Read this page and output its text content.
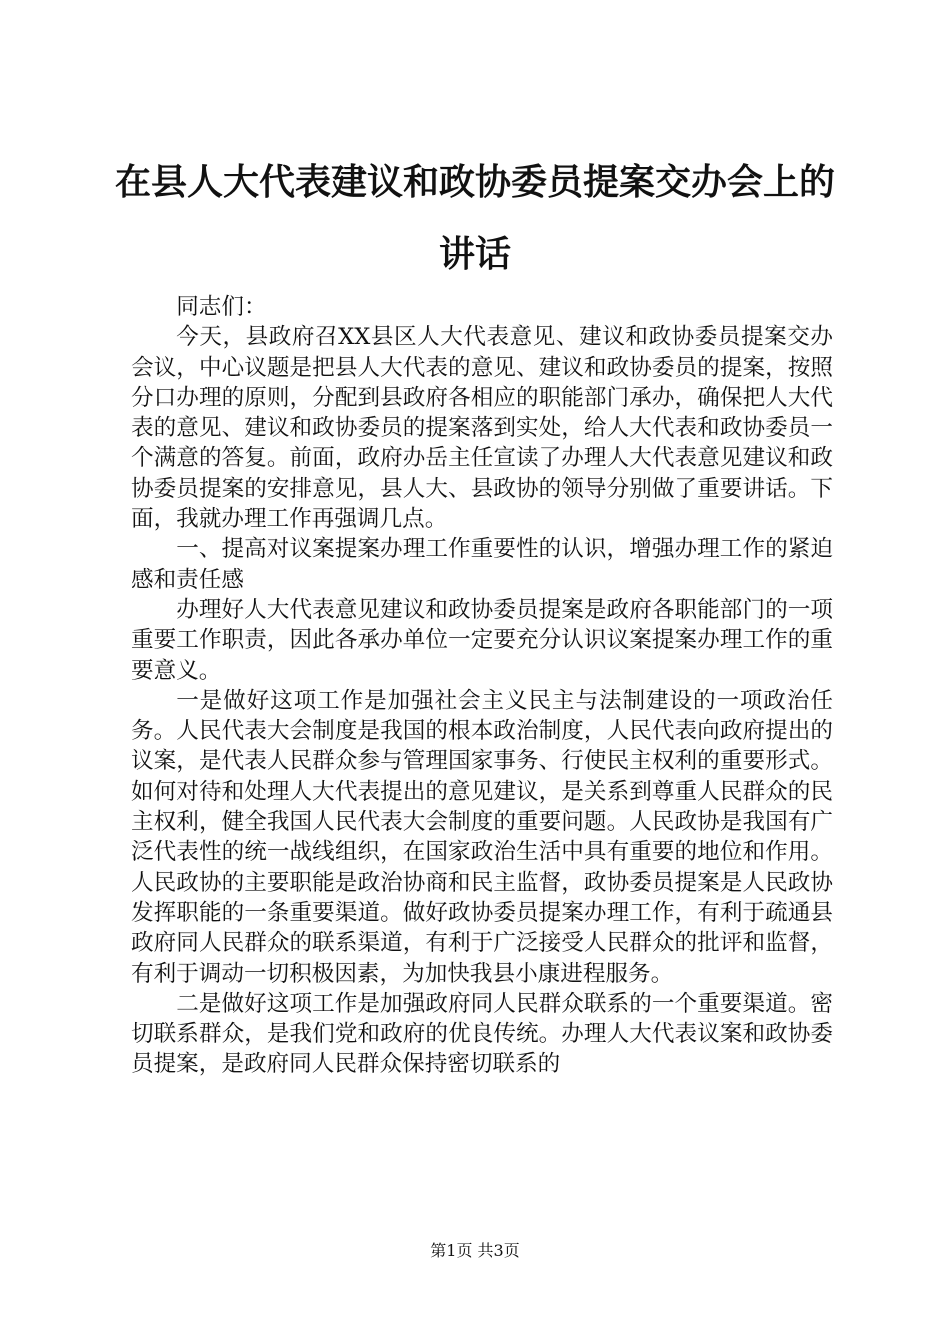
在县人大代表建议和政协委员提案交办会上的讲话

同志们：

今天，县政府召XX县区人大代表意见、建议和政协委员提案交办会议，中心议题是把县人大代表的意见、建议和政协委员的提案，按照分口办理的原则，分配到县政府各相应的职能部门承办，确保把人大代表的意见、建议和政协委员的提案落到实处，给人大代表和政协委员一个满意的答复。前面，政府办岳主任宣读了办理人大代表意见建议和政协委员提案的安排意见，县人大、县政协的领导分别做了重要讲话。下面，我就办理工作再强调几点。

一、提高对议案提案办理工作重要性的认识，增强办理工作的紧迫感和责任感

办理好人大代表意见建议和政协委员提案是政府各职能部门的一项重要工作职责，因此各承办单位一定要充分认识议案提案办理工作的重要意义。

一是做好这项工作是加强社会主义民主与法制建设的一项政治任务。人民代表大会制度是我国的根本政治制度，人民代表向政府提出的议案，是代表人民群众参与管理国家事务、行使民主权利的重要形式。如何对待和处理人大代表提出的意见建议，是关系到尊重人民群众的民主权利，健全我国人民代表大会制度的重要问题。人民政协是我国有广泛代表性的统一战线组织，在国家政治生活中具有重要的地位和作用。人民政协的主要职能是政治协商和民主监督，政协委员提案是人民政协发挥职能的一条重要渠道。做好政协委员提案办理工作，有利于疏通县政府同人民群众的联系渠道，有利于广泛接受人民群众的批评和监督，有利于调动一切积极因素，为加快我县小康进程服务。

二是做好这项工作是加强政府同人民群众联系的一个重要渠道。密切联系群众，是我们党和政府的优良传统。办理人大代表议案和政协委员提案，是政府同人民群众保持密切联系的

第1页 共3页
